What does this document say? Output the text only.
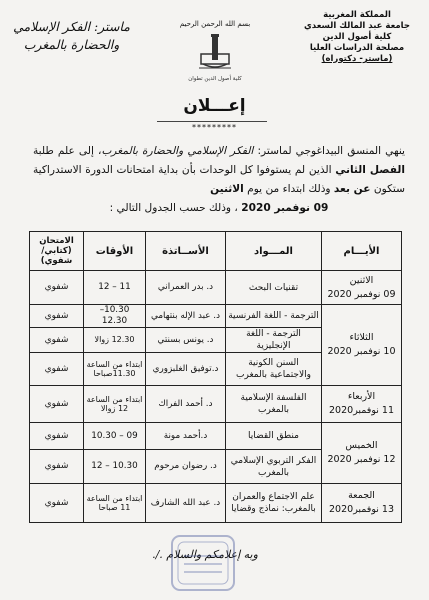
المملكة المغربية
جامعة عبد المالك السعدي
كلية أصول الدين
مصلحة الدراسات العليا
(ماستر- دكتوراه)
بسم الله الرحمن الرحيم
كلية أصول الدين تطوان
ماستر: الفكر الإسلامي
والحضارة بالمغرب
إعـــلان
*********
ينهي المنسق البيداغوجي لماستر: الفكر الإسلامي والحضارة بالمغرب، إلى علم طلبة الفصل الثاني الذين لم يستوفوا كل الوحدات بأن بداية امتحانات الدورة الاستدراكية ستكون عن بعد وذلك ابتداء من يوم الاثنين
09 نوفمبر 2020 ، وذلك حسب الجدول التالي :
الأيـــام	المـــواد	الأســاتذة	الأوقات	الامتحان (كتابي/ شفوي)

الاثنين
09 نوفمبر 2020	تقنيات البحث	د. بدر العمراني	11 – 12	شفوي

الثلاثاء
10 نوفمبر 2020	الترجمة - اللغة الفرنسية	د. عبد الإله بنتهامي	10.30– 12.30	شفوي
	الترجمة - اللغة الإنجليزية	د. يونس بسنتي	12.30 زوالا	شفوي
	السنن الكونية والاجتماعية بالمغرب	د.توفيق الغلبزوري	ابتداء من الساعة 11.30صباحا	شفوي

الأربعاء
11 نوفمبر2020	الفلسفة الإسلامية بالمغرب	د. أحمد الفراك	ابتداء من الساعة 12 زوالا	شفوي

الخميس
12 نوفمبر 2020	منطق القضايا	د.أحمد مونة	09 – 10.30	شفوي
	الفكر التربوي الإسلامي بالمغرب	د. رضوان مرحوم	10.30 – 12	شفوي

الجمعة
13 نوفمبر2020	علم الاجتماع والعمران بالمغرب: نماذج وقضايا	د. عبد الله الشارف	ابتداء من الساعة 11 صباحا	شفوي
وبه إعلامكم والسلام ./.
